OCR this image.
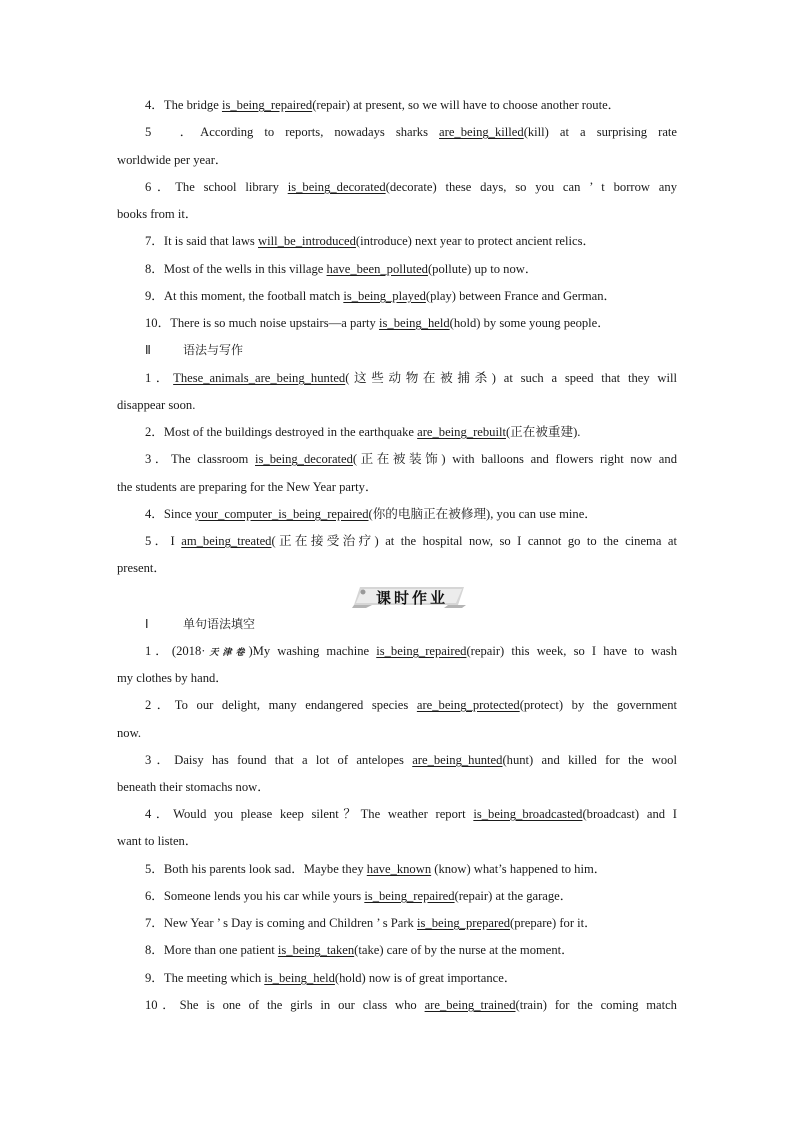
4．The bridge is_being_repaired(repair) at present, so we will have to choose another route．
5　．According to reports, nowadays sharks are_being_killed(kill) at a surprising rate
worldwide per year．
6．The school library is_being_decorated(decorate) these days, so you can ’ t borrow any
books from it．
7．It is said that laws will_be_introduced(introduce) next year to protect ancient relics．
8．Most of the wells in this village have_been_polluted(pollute) up to now．
9．At this moment, the football match is_being_played(play) between France and German．
10．There is so much noise upstairs—a party is_being_held(hold) by some young people．
Ⅱ	语法与写作
1．These_animals_are_being_hunted(这些动物在被捕杀) at such a speed that they will
disappear soon.
2．Most of the buildings destroyed in the earthquake are_being_rebuilt(正在被重建).
3．The classroom is_being_decorated(正在被装饰) with balloons and flowers right now and
the students are preparing for the New Year party．
4．Since your_computer_is_being_repaired(你的电脑正在被修理), you can use mine．
5．I am_being_treated(正在接受治疗) at the hospital now, so I cannot go to the cinema at
present．
课时作业
Ⅰ	单句语法填空
1．(2018·天津卷)My washing machine is_being_repaired(repair) this week, so I have to wash
my clothes by hand．
2．To our delight, many endangered species are_being_protected(protect) by the government
now.
3．Daisy has found that a lot of antelopes are_being_hunted(hunt) and killed for the wool
beneath their stomachs now．
4．Would you please keep silent？The weather report is_being_broadcasted(broadcast) and I
want to listen．
5．Both his parents look sad．Maybe they have_known (know) what’s happened to him．
6．Someone lends you his car while yours is_being_repaired(repair) at the garage．
7．New Year ’ s Day is coming and Children ’ s Park is_being_prepared(prepare) for it．
8．More than one patient is_being_taken(take) care of by the nurse at the moment．
9．The meeting which is_being_held(hold) now is of great importance．
10．She is one of the girls in our class who are_being_trained(train) for the coming match
